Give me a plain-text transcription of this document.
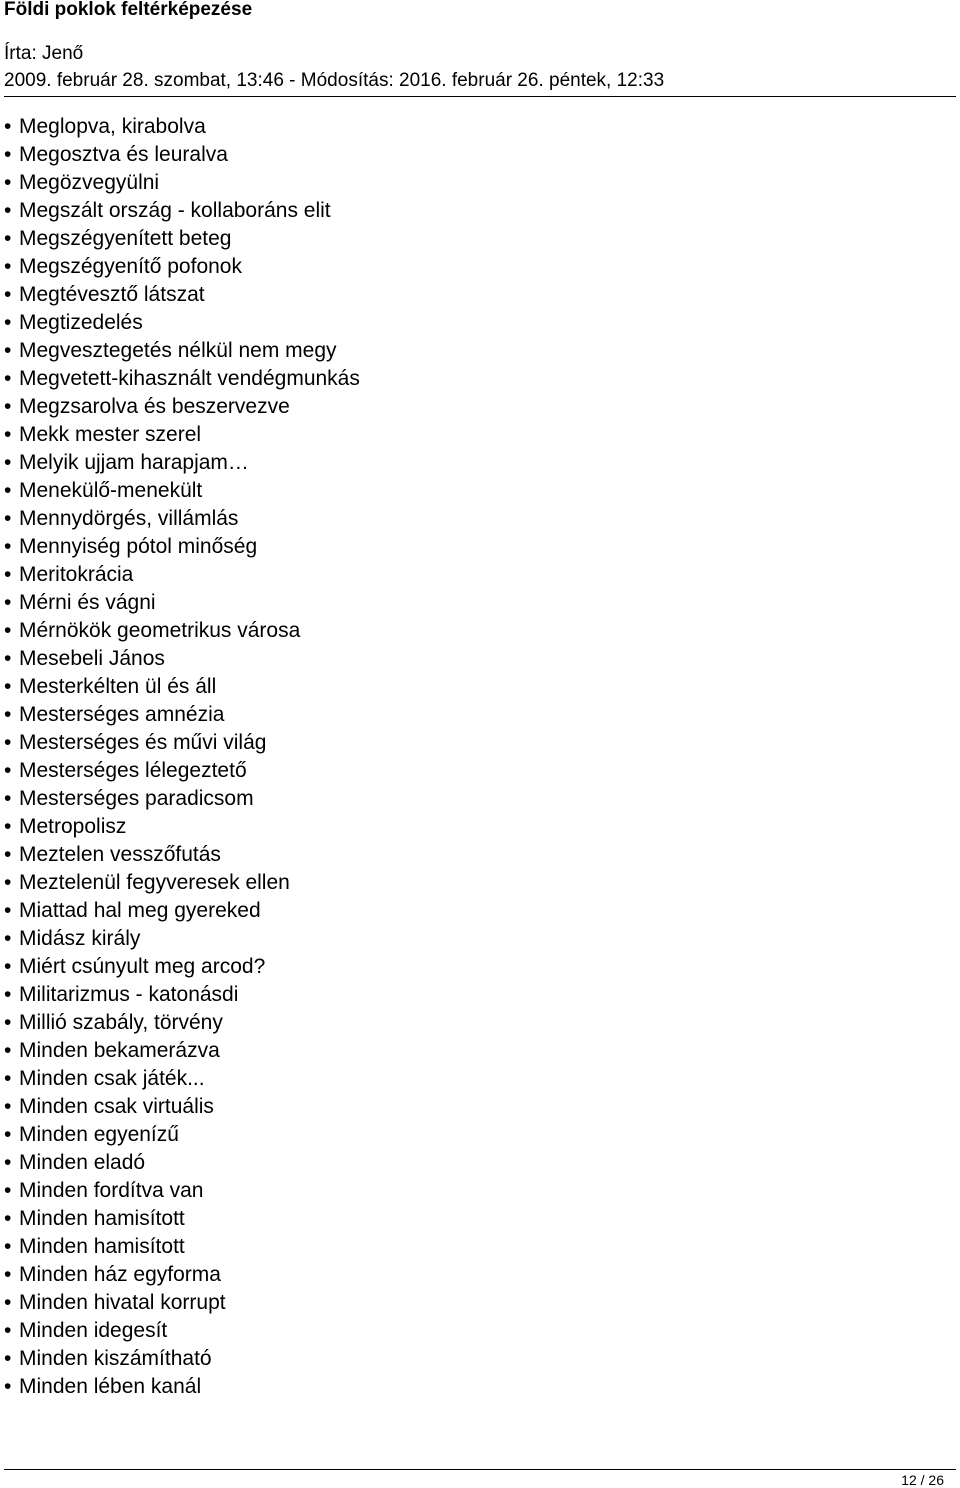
Földi poklok feltérképezése
Írta: Jenő
2009. február 28. szombat, 13:46 - Módosítás: 2016. február 26. péntek, 12:33
• Meglopva, kirabolva
• Megosztva és leuralva
• Megözvegyülni
• Megszált ország - kollaboráns elit
• Megszégyenített beteg
• Megszégyenítő pofonok
• Megtévesztő látszat
• Megtizedelés
• Megvesztegetés nélkül nem megy
• Megvetett-kihasznált vendégmunkás
• Megzsarolva és beszervezve
• Mekk mester szerel
• Melyik ujjam harapjam…
• Menekülő-menekült
• Mennydörgés, villámlás
• Mennyiség pótol minőség
• Meritokrácia
• Mérni és vágni
• Mérnökök geometrikus városa
• Mesebeli János
• Mesterkélten ül és áll
• Mesterséges amnézia
• Mesterséges és művi világ
• Mesterséges lélegeztető
• Mesterséges paradicsom
• Metropolisz
• Meztelen vesszőfutás
• Meztelenül fegyveresek ellen
• Miattad hal meg gyereked
• Midász király
• Miért csúnyult meg arcod?
• Militarizmus - katonásdi
• Millió szabály, törvény
• Minden bekamerázva
• Minden csak játék...
• Minden csak virtuális
• Minden egyenízű
• Minden eladó
• Minden fordítva van
• Minden hamisított
• Minden hamisított
• Minden ház egyforma
• Minden hivatal korrupt
• Minden idegesít
• Minden kiszámítható
• Minden lében kanál
12 / 26
